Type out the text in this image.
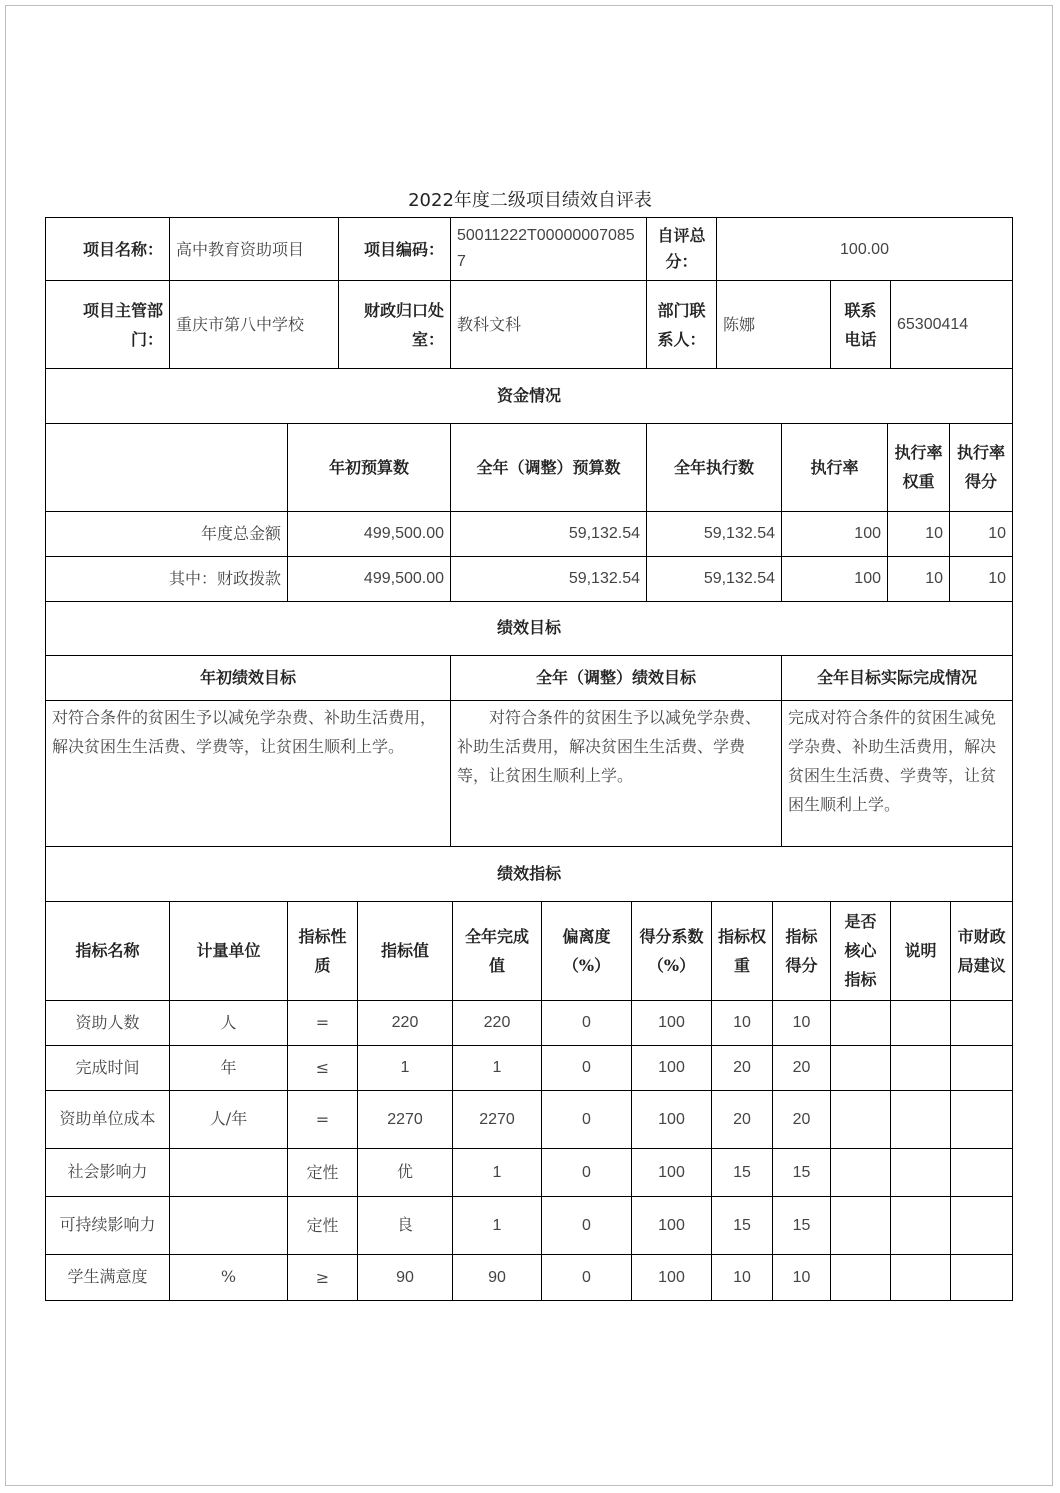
2022年度二级项目绩效自评表
项目名称：	高中教育资助项目	项目编码：	50011222T000000070857	自评总分：	100.00		
项目主管部门：	重庆市第八中学校	财政归口处室：	教科文科	部门联系人：	陈娜	联系电话	65300414
资金情况						
	年初预算数	全年（调整）预算数	全年执行数	执行率	执行率权重	执行率得分
年度总金额	499,500.00	59,132.54	59,132.54	100	10	10
其中：财政拨款	499,500.00	59,132.54	59,132.54	100	10	10
绩效目标		
年初绩效目标	全年（调整）绩效目标	全年目标实际完成情况
对符合条件的贫困生予以减免学杂费、补助生活费用，解决贫困生生活费、学费等，让贫困生顺利上学。	对符合条件的贫困生予以减免学杂费、补助生活费用，解决贫困生生活费、学费等，让贫困生顺利上学。	完成对符合条件的贫困生减免学杂费、补助生活费用，解决贫困生生活费、学费等，让贫困生顺利上学。
绩效指标											
指标名称	计量单位	指标性质	指标值	全年完成值	偏离度（%）	得分系数（%）	指标权重	指标得分	是否核心指标	说明	市财政局建议
资助人数	人	=	220	220	0	100	10	10			
完成时间	年	≤	1	1	0	100	20	20			
资助单位成本	人/年	=	2270	2270	0	100	20	20			
社会影响力		定性	优	1	0	100	15	15			
可持续影响力		定性	良	1	0	100	15	15			
学生满意度	%	≥	90	90	0	100	10	10			
